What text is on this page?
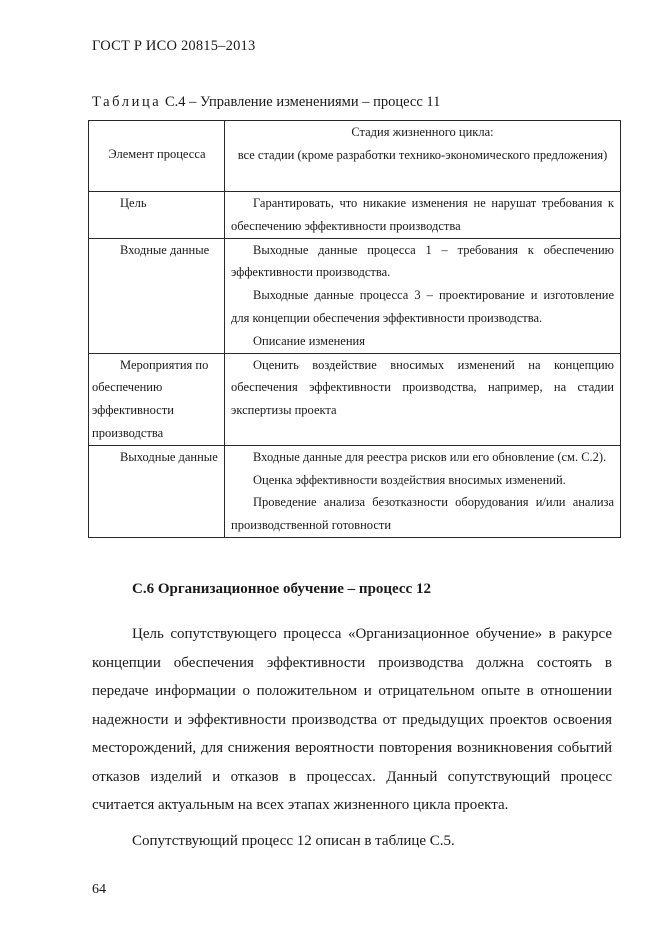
ГОСТ Р ИСО 20815–2013
Таблица С.4 – Управление изменениями – процесс 11
Элемент процесса	Стадия жизненного цикла:
все стадии (кроме разработки технико-экономического предложения)

Цель	Гарантировать, что никакие изменения не нарушат требования к обеспечению эффективности производства

Входные данные	Выходные данные процесса 1 – требования к обеспечению эффективности производства.

Выходные данные процесса 3 – проектирование и изготовление для концепции обеспечения эффективности производства.

Описание изменения

Мероприятия по обеспечению эффективности производства	Оценить воздействие вносимых изменений на концепцию обеспечения эффективности производства, например, на стадии экспертизы проекта

Выходные данные	Входные данные для реестра рисков или его обновление (см. С.2).

Оценка эффективности воздействия вносимых изменений.

Проведение анализа безотказности оборудования и/или анализа производственной готовности

С.6 Организационное обучение – процесс 12

Цель сопутствующего процесса «Организационное обучение» в ракурсе концепции обеспечения эффективности производства должна состоять в передаче информации о положительном и отрицательном опыте в отношении надежности и эффективности производства от предыдущих проектов освоения месторождений, для снижения вероятности повторения возникновения событий отказов изделий и отказов в процессах. Данный сопутствующий процесс считается актуальным на всех этапах жизненного цикла проекта.

Сопутствующий процесс 12 описан в таблице С.5.

64
